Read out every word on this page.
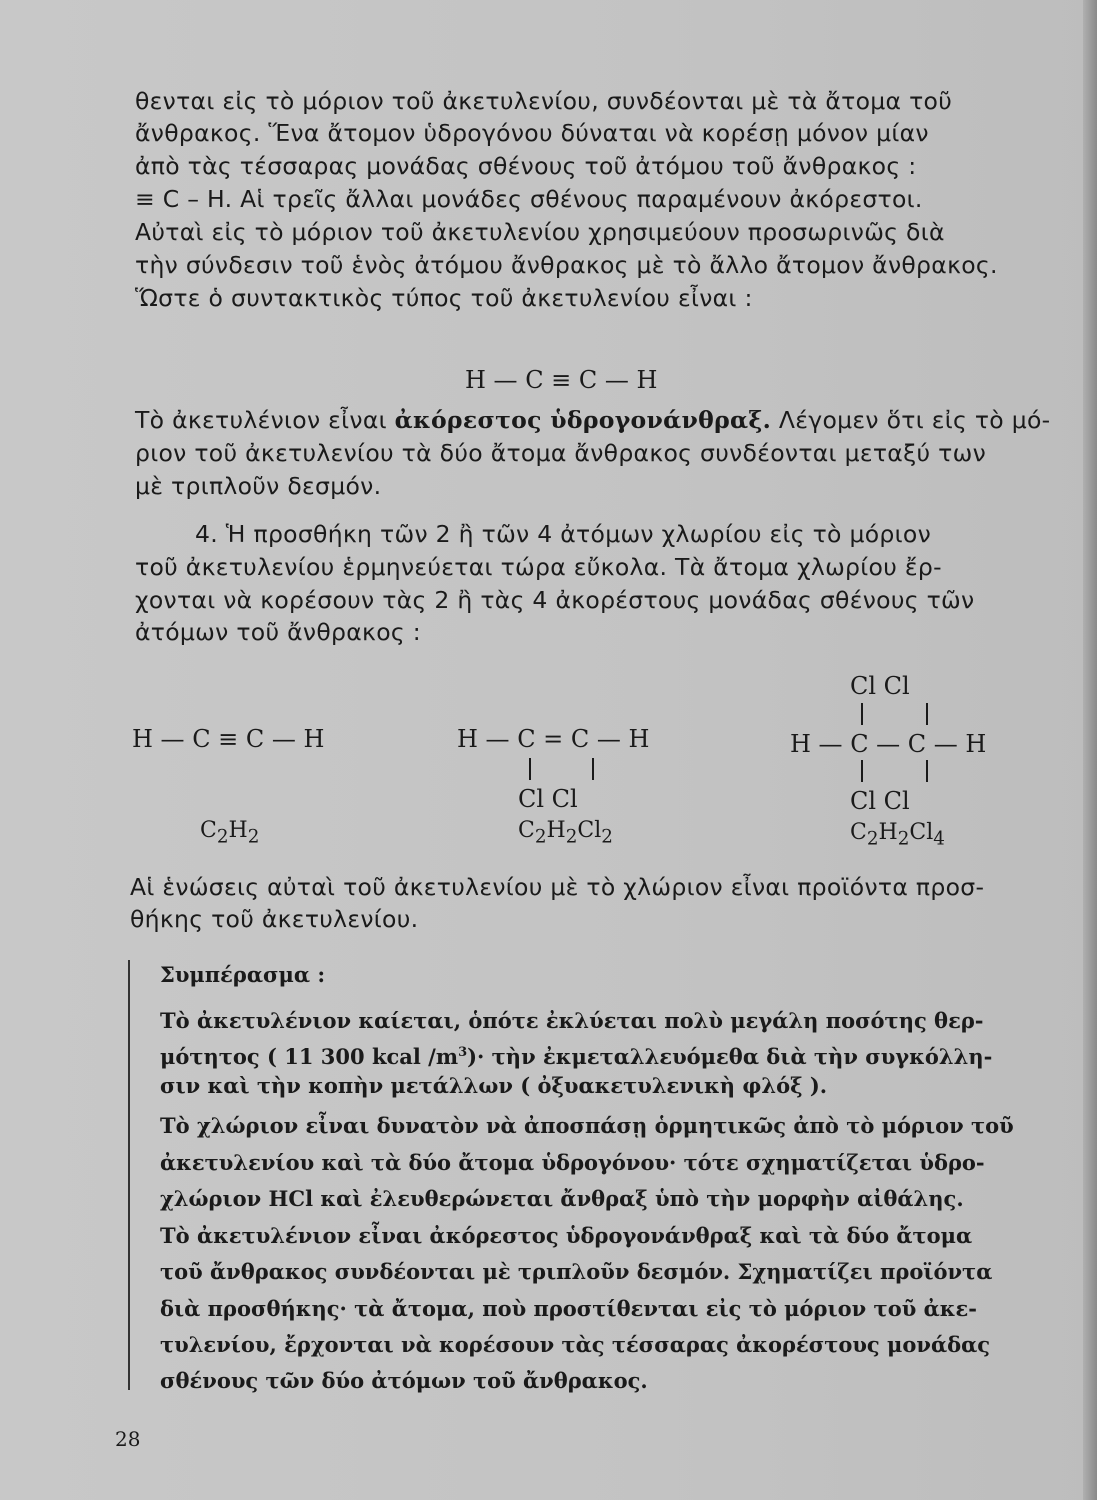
θενται εἰς τὸ μόριον τοῦ ἀκετυλενίου, συνδέονται μὲ τὰ ἄτομα τοῦ
ἄνθρακος. Ἕνα ἄτομον ὑδρογόνου δύναται νὰ κορέσῃ μόνον μίαν
ἀπὸ τὰς τέσσαρας μονάδας σθένους τοῦ ἀτόμου τοῦ ἄνθρακος :
≡ C – H. Αἱ τρεῖς ἄλλαι μονάδες σθένους παραμένουν ἀκόρεστοι.
Αὐταὶ εἰς τὸ μόριον τοῦ ἀκετυλενίου χρησιμεύουν προσωρινῶς διὰ
τὴν σύνδεσιν τοῦ ἑνὸς ἀτόμου ἄνθρακος μὲ τὸ ἄλλο ἄτομον ἄνθρακος.
Ὥστε ὁ συντακτικὸς τύπος τοῦ ἀκετυλενίου εἶναι :
H — C ≡ C — H
Τὸ ἀκετυλένιον εἶναι ἀκόρεστος ὑδρογονάνθραξ. Λέγομεν ὅτι εἰς τὸ μό-
ριον τοῦ ἀκετυλενίου τὰ δύο ἄτομα ἄνθρακος συνδέονται μεταξύ των
μὲ τριπλοῦν δεσμόν.
4. Ἡ προσθήκη τῶν 2 ἢ τῶν 4 ἀτόμων χλωρίου εἰς τὸ μόριον
τοῦ ἀκετυλενίου ἑρμηνεύεται τώρα εὔκολα. Τὰ ἄτομα χλωρίου ἔρ-
χονται νὰ κορέσουν τὰς 2 ἢ τὰς 4 ἀκορέστους μονάδας σθένους τῶν
ἀτόμων τοῦ ἄνθρακος :
H — C ≡ C — H
$C_2H_2$
H — C = C — H
Cl Cl
$C_2H_2Cl_2$
Cl Cl
H — C — C — H
Cl Cl
$C_2H_2Cl_4$
Αἱ ἑνώσεις αὐταὶ τοῦ ἀκετυλενίου μὲ τὸ χλώριον εἶναι προϊόντα προσ-
θήκης τοῦ ἀκετυλενίου.
Συμπέρασμα :
Τὸ ἀκετυλένιον καίεται, ὁπότε ἐκλύεται πολὺ μεγάλη ποσότης θερ-
μότητος ( 11 300 kcal $/m^3)\cdot$ τὴν ἐκμεταλλευόμεθα διὰ τὴν συγκόλλη-
σιν καὶ τὴν κοπὴν μετάλλων ( ὀξυακετυλενικὴ φλόξ ).
Τὸ χλώριον εἶναι δυνατὸν νὰ ἀποσπάσῃ ὁρμητικῶς ἀπὸ τὸ μόριον τοῦ
ἀκετυλενίου καὶ τὰ δύο ἄτομα ὑδρογόνου· τότε σχηματίζεται ὑδρο-
χλώριον HCl καὶ ἐλευθερώνεται ἄνθραξ ὑπὸ τὴν μορφὴν αἰθάλης.
Τὸ ἀκετυλένιον εἶναι ἀκόρεστος ὑδρογονάνθραξ καὶ τὰ δύο ἄτομα
τοῦ ἄνθρακος συνδέονται μὲ τριπλοῦν δεσμόν. Σχηματίζει προϊόντα
διὰ προσθήκης· τὰ ἄτομα, ποὺ προστίθενται εἰς τὸ μόριον τοῦ ἀκε-
τυλενίου, ἔρχονται νὰ κορέσουν τὰς τέσσαρας ἀκορέστους μονάδας
σθένους τῶν δύο ἀτόμων τοῦ ἄνθρακος.
28
